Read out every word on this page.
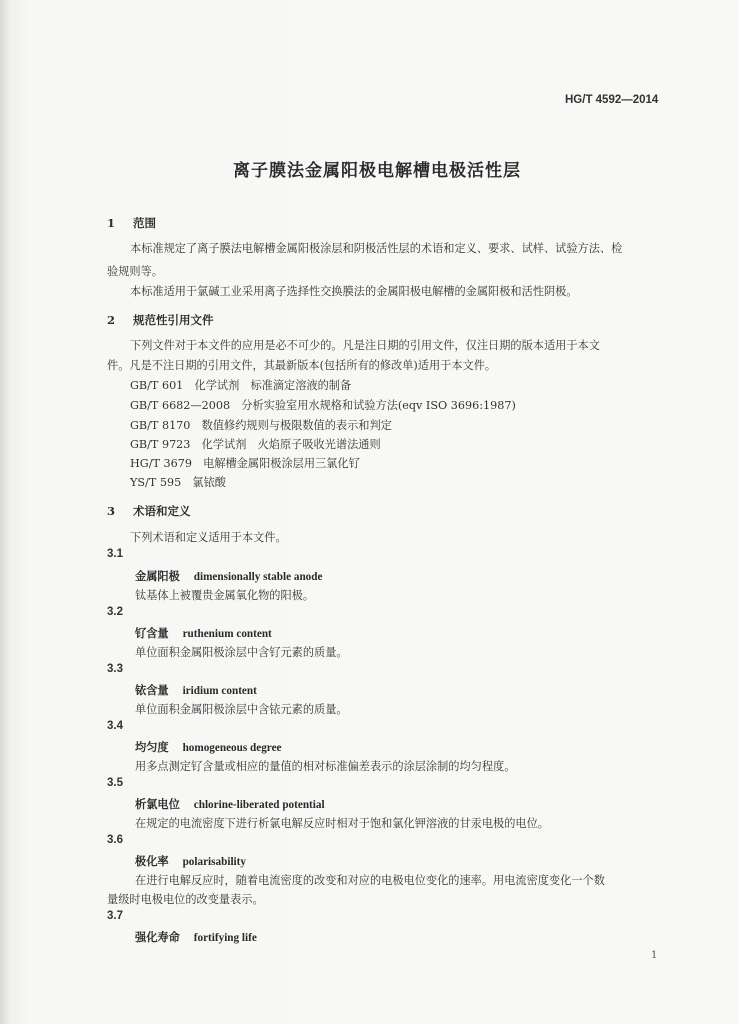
HG/T 4592—2014
离子膜法金属阳极电解槽电极活性层
1 范围
本标准规定了离子膜法电解槽金属阳极涂层和阴极活性层的术语和定义、要求、试样、试验方法、检
验规则等。
本标准适用于氯碱工业采用离子选择性交换膜法的金属阳极电解槽的金属阳极和活性阴极。
2 规范性引用文件
下列文件对于本文件的应用是必不可少的。凡是注日期的引用文件，仅注日期的版本适用于本文
件。凡是不注日期的引用文件，其最新版本(包括所有的修改单)适用于本文件。
GB/T 601　 化学试剂　标准滴定溶液的制备
GB/T 6682—2008　 分析实验室用水规格和试验方法(eqv ISO 3696:1987)
GB/T 8170　 数值修约规则与极限数值的表示和判定
GB/T 9723　 化学试剂　火焰原子吸收光谱法通则
HG/T 3679　 电解槽金属阳极涂层用三氯化钌
YS/T 595　 氯铱酸
3 术语和定义
下列术语和定义适用于本文件。
3.1
金属阳极 dimensionally stable anode
钛基体上被覆贵金属氧化物的阳极。
3.2
钌含量 ruthenium content
单位面积金属阳极涂层中含钌元素的质量。
3.3
铱含量 iridium content
单位面积金属阳极涂层中含铱元素的质量。
3.4
均匀度 homogeneous degree
用多点测定钌含量或相应的量值的相对标准偏差表示的涂层涂制的均匀程度。
3.5
析氯电位 chlorine-liberated potential
在规定的电流密度下进行析氯电解反应时相对于饱和氯化钾溶液的甘汞电极的电位。
3.6
极化率 polarisability
在进行电解反应时，随着电流密度的改变和对应的电极电位变化的速率。用电流密度变化一个数
量级时电极电位的改变量表示。
3.7
强化寿命 fortifying life
1
